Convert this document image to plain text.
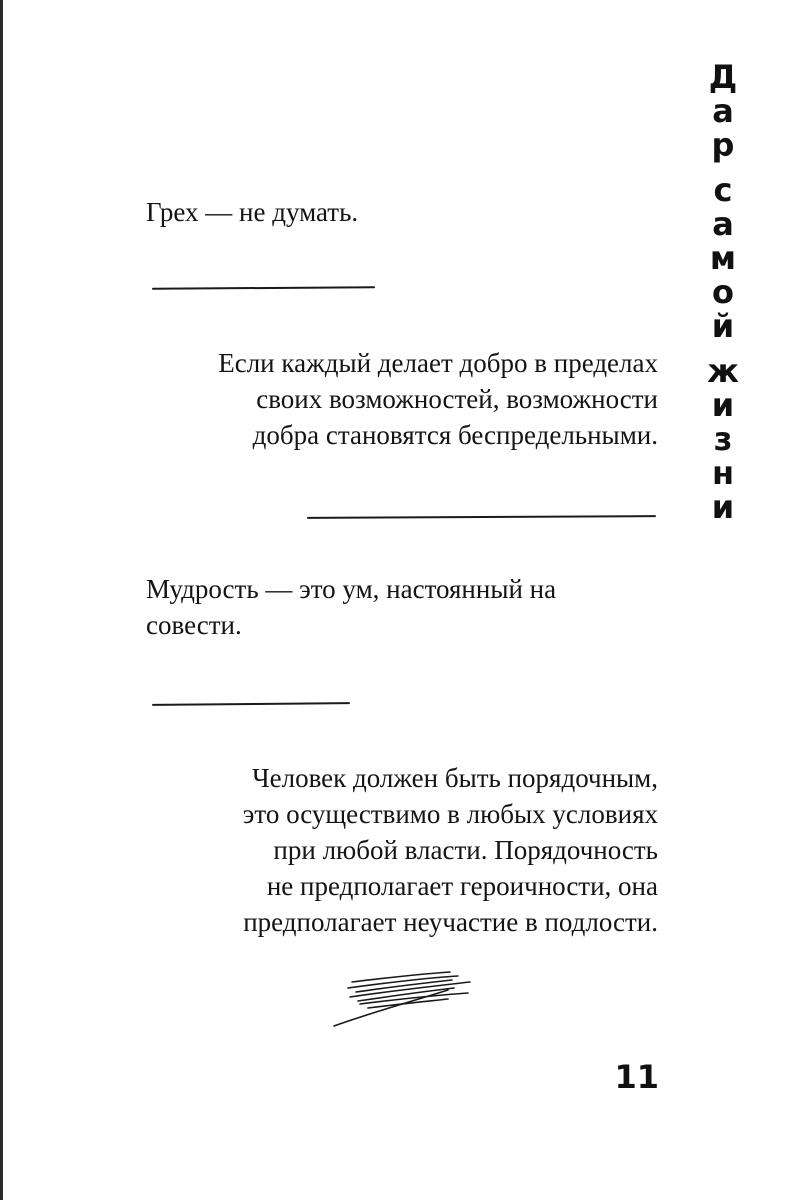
Грех — не думать.
Если каждый делает добро в пределах
своих возможностей, возможности
добра становятся беспредельными.
Мудрость — это ум, настоянный на
совести.
Человек должен быть порядочным,
это осуществимо в любых условиях
при любой власти. Порядочность
не предполагает героичности, она
предполагает неучастие в подлости.
Д
а
р
с
а
м
о
й
ж
и
з
н
и
11
